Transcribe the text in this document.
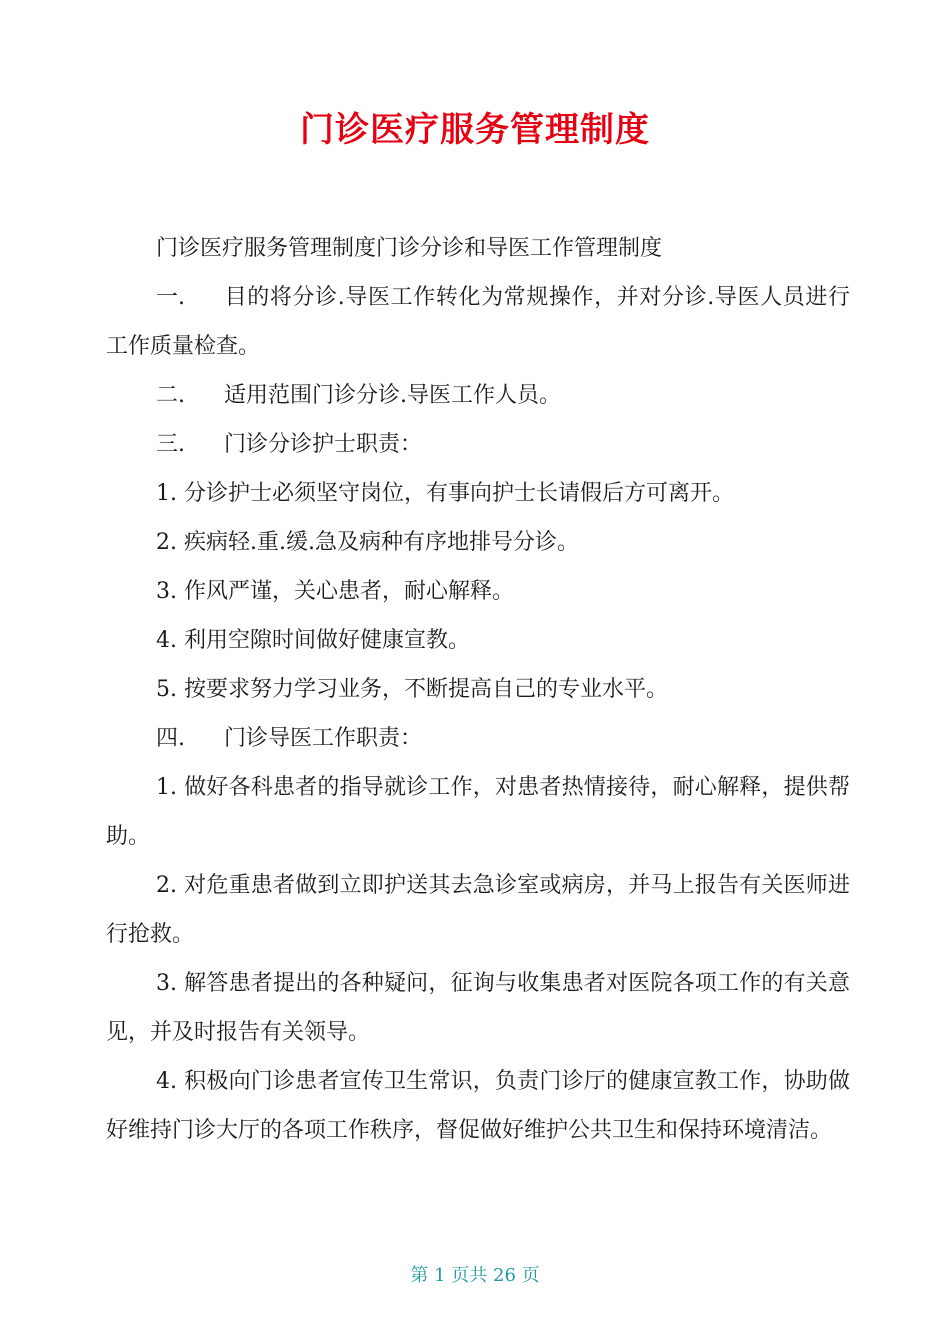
门诊医疗服务管理制度

门诊医疗服务管理制度门诊分诊和导医工作管理制度

一. 目的将分诊.导医工作转化为常规操作，并对分诊.导医人员进行工作质量检查。

二. 适用范围门诊分诊.导医工作人员。

三. 门诊分诊护士职责：

1. 分诊护士必须坚守岗位，有事向护士长请假后方可离开。

2. 疾病轻.重.缓.急及病种有序地排号分诊。

3. 作风严谨，关心患者，耐心解释。

4. 利用空隙时间做好健康宣教。

5. 按要求努力学习业务，不断提高自己的专业水平。

四. 门诊导医工作职责：

1. 做好各科患者的指导就诊工作，对患者热情接待，耐心解释，提供帮助。

2. 对危重患者做到立即护送其去急诊室或病房，并马上报告有关医师进行抢救。

3. 解答患者提出的各种疑问，征询与收集患者对医院各项工作的有关意见，并及时报告有关领导。

4. 积极向门诊患者宣传卫生常识，负责门诊厅的健康宣教工作，协助做好维持门诊大厅的各项工作秩序，督促做好维护公共卫生和保持环境清洁。

第 1 页共 26 页
